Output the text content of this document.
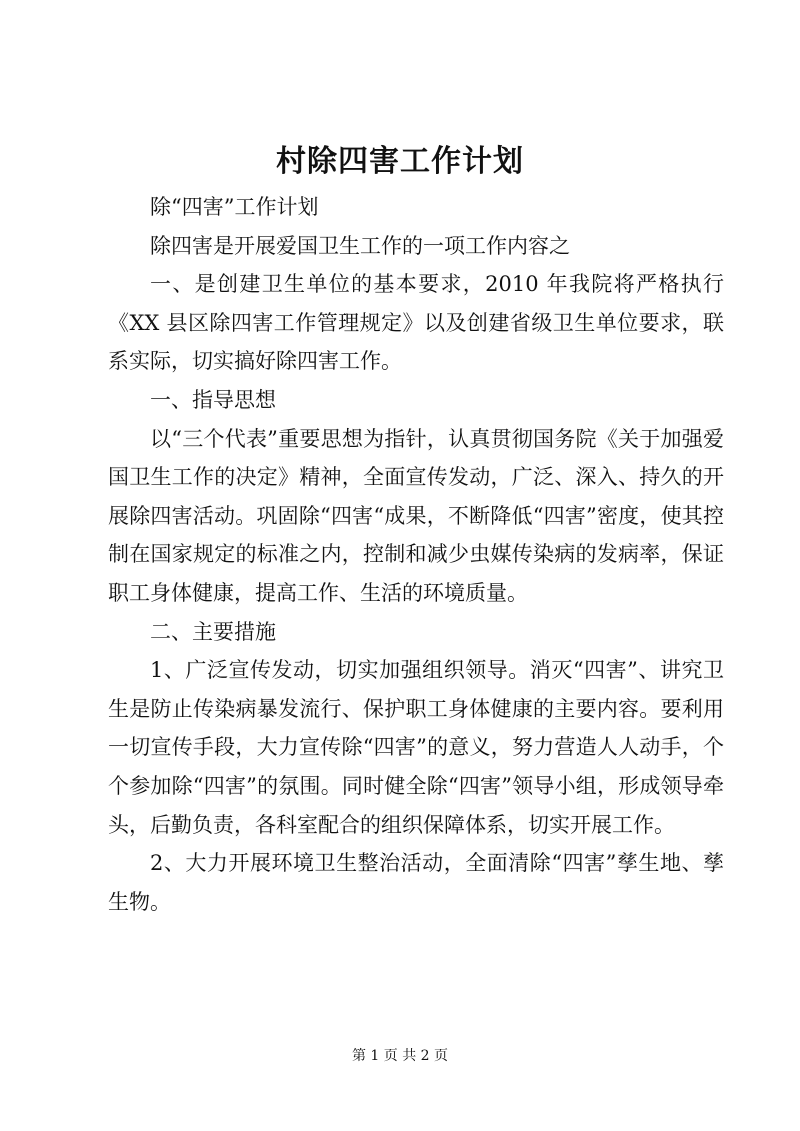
村除四害工作计划

除“四害”工作计划

除四害是开展爱国卫生工作的一项工作内容之

一、是创建卫生单位的基本要求，2010 年我院将严格执行《XX 县区除四害工作管理规定》以及创建省级卫生单位要求，联系实际，切实搞好除四害工作。

一、指导思想

以“三个代表”重要思想为指针，认真贯彻国务院《关于加强爱国卫生工作的决定》精神，全面宣传发动，广泛、深入、持久的开展除四害活动。巩固除“四害“成果，不断降低“四害”密度，使其控制在国家规定的标准之内，控制和减少虫媒传染病的发病率，保证职工身体健康，提高工作、生活的环境质量。

二、主要措施

1、广泛宣传发动，切实加强组织领导。消灭“四害”、讲究卫生是防止传染病暴发流行、保护职工身体健康的主要内容。要利用一切宣传手段，大力宣传除“四害”的意义，努力营造人人动手，个个参加除“四害”的氛围。同时健全除“四害”领导小组，形成领导牵头，后勤负责，各科室配合的组织保障体系，切实开展工作。

2、大力开展环境卫生整治活动，全面清除“四害”孳生地、孳生物。

第 1 页 共 2 页
